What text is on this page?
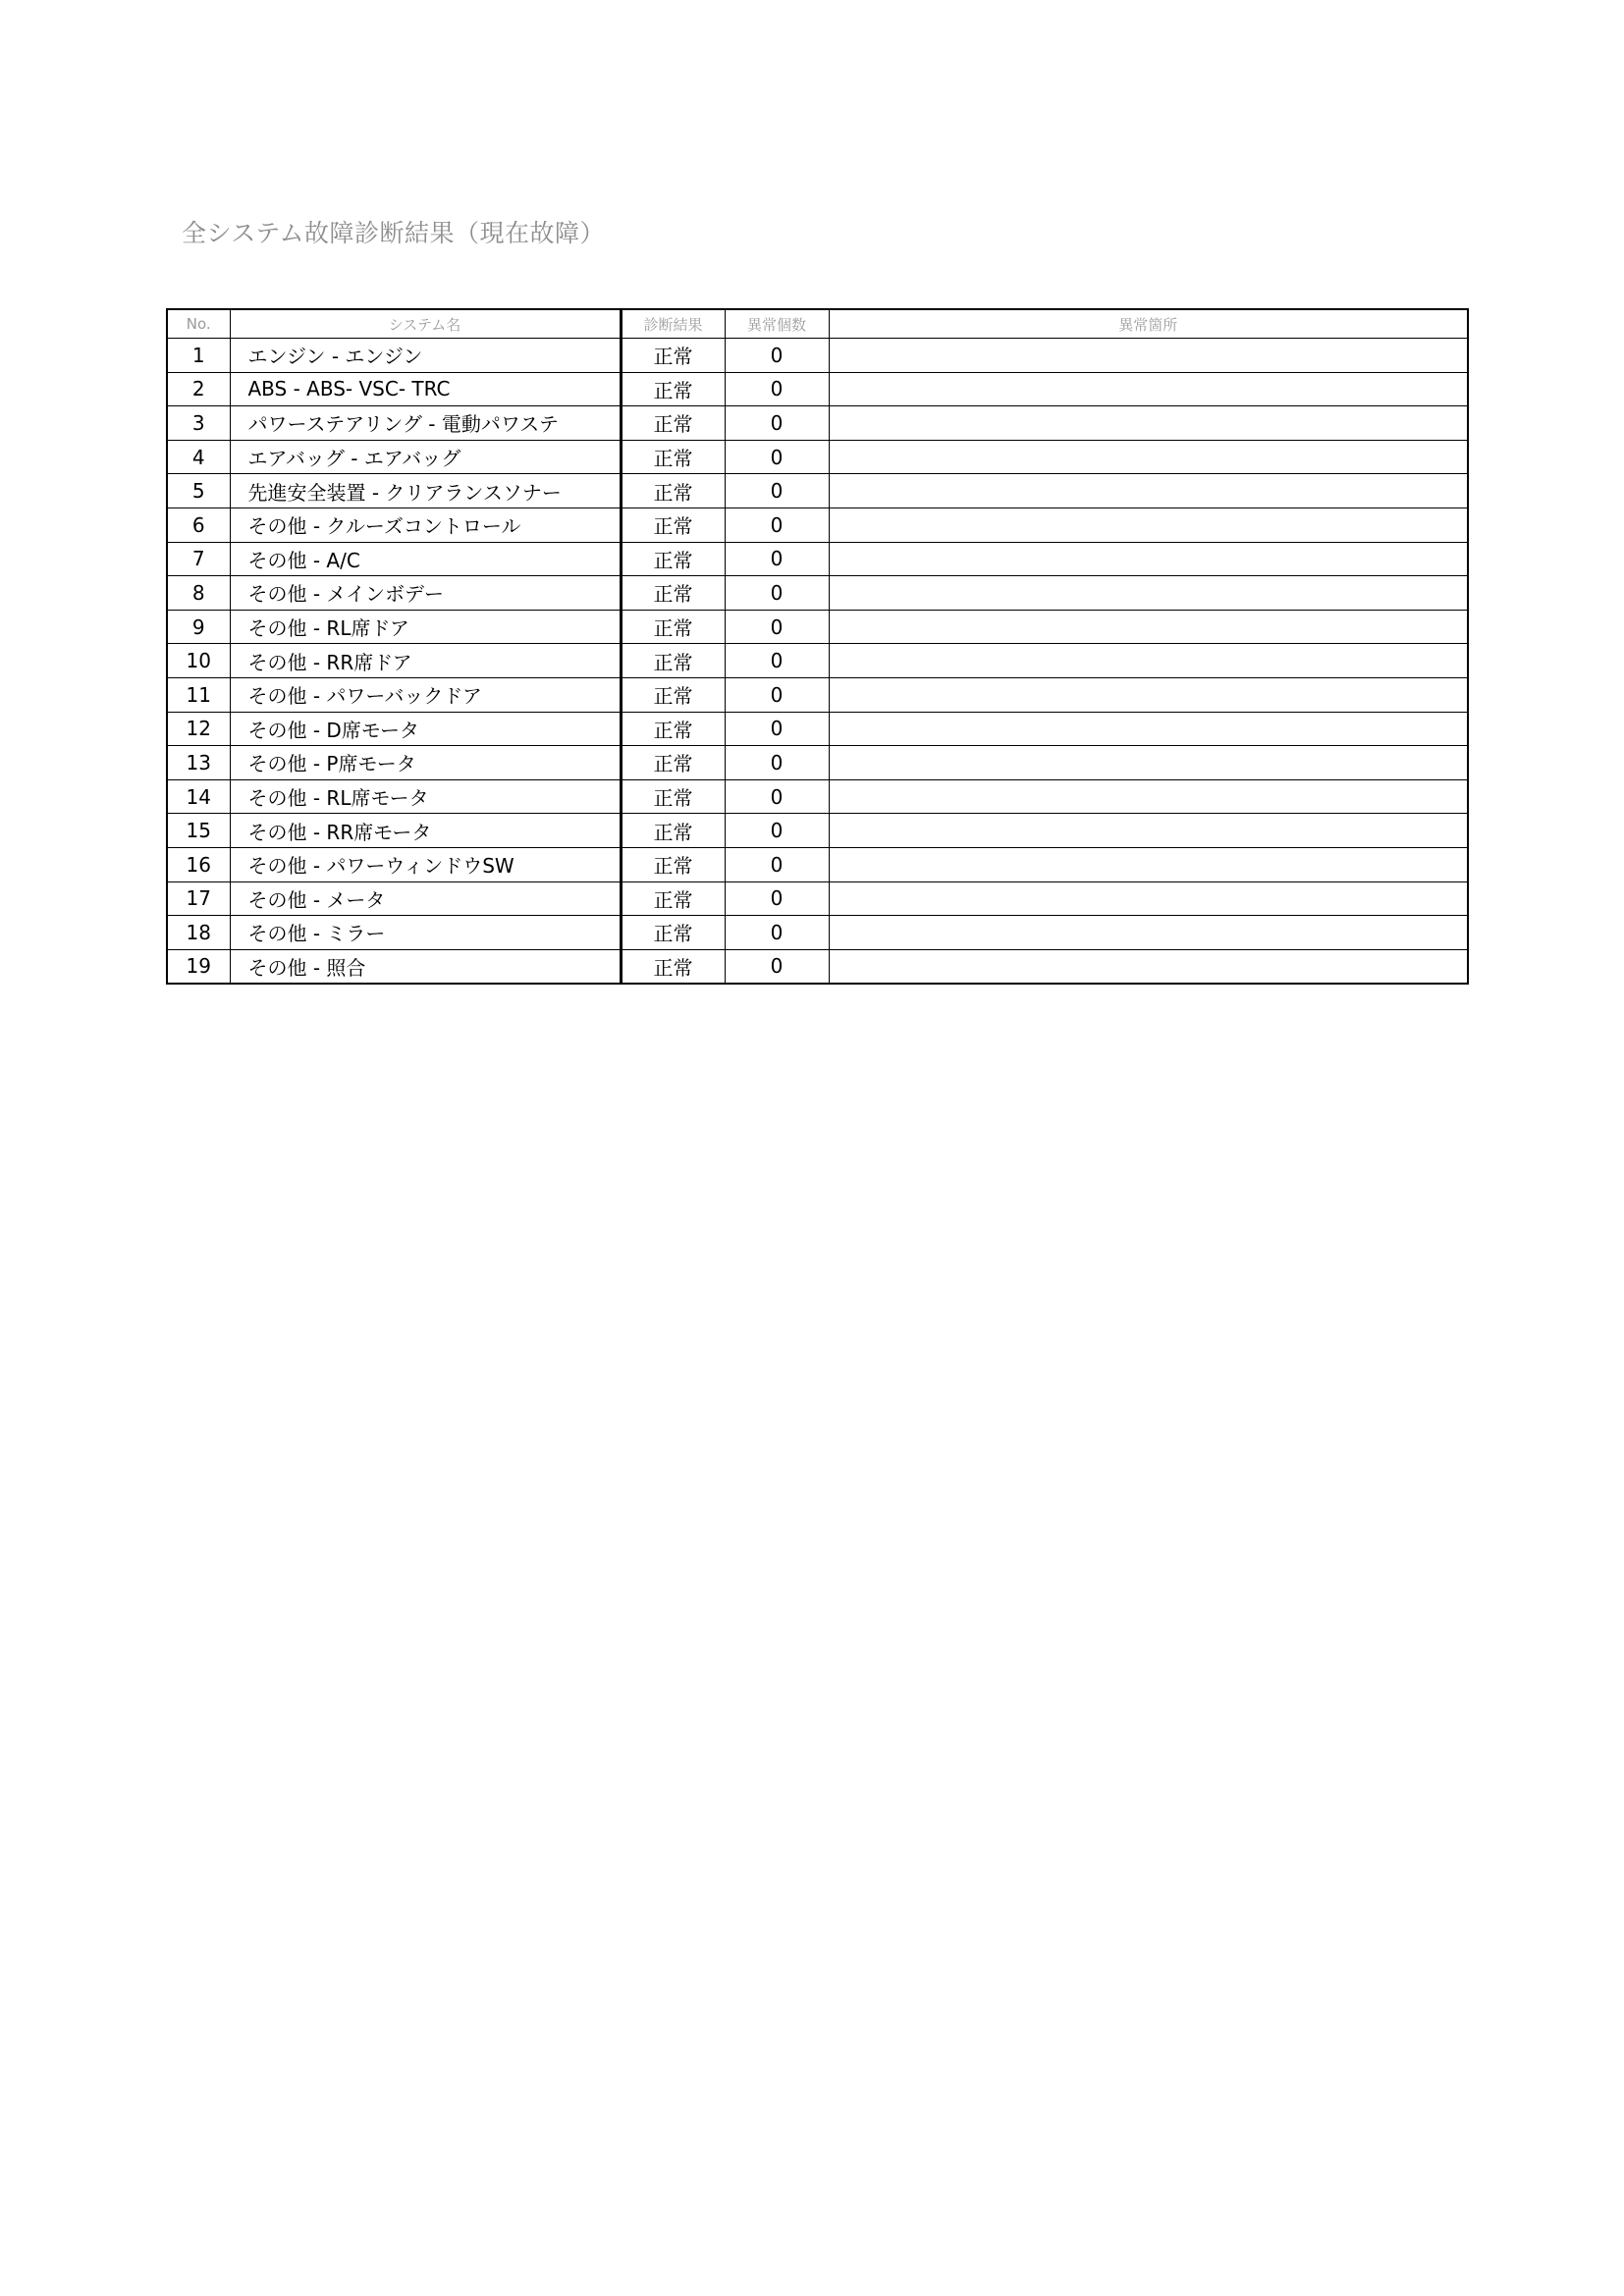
全システム故障診断結果（現在故障）
No.	システム名	診断結果	異常個数	異常箇所
1	エンジン - エンジン	正常	0	
2	ABS - ABS- VSC- TRC	正常	0	
3	パワーステアリング - 電動パワステ	正常	0	
4	エアバッグ - エアバッグ	正常	0	
5	先進安全装置 - クリアランスソナー	正常	0	
6	その他 - クルーズコントロール	正常	0	
7	その他 - A/C	正常	0	
8	その他 - メインボデー	正常	0	
9	その他 - RL席ドア	正常	0	
10	その他 - RR席ドア	正常	0	
11	その他 - パワーバックドア	正常	0	
12	その他 - D席モータ	正常	0	
13	その他 - P席モータ	正常	0	
14	その他 - RL席モータ	正常	0	
15	その他 - RR席モータ	正常	0	
16	その他 - パワーウィンドウSW	正常	0	
17	その他 - メータ	正常	0	
18	その他 - ミラー	正常	0	
19	その他 - 照合	正常	0	
